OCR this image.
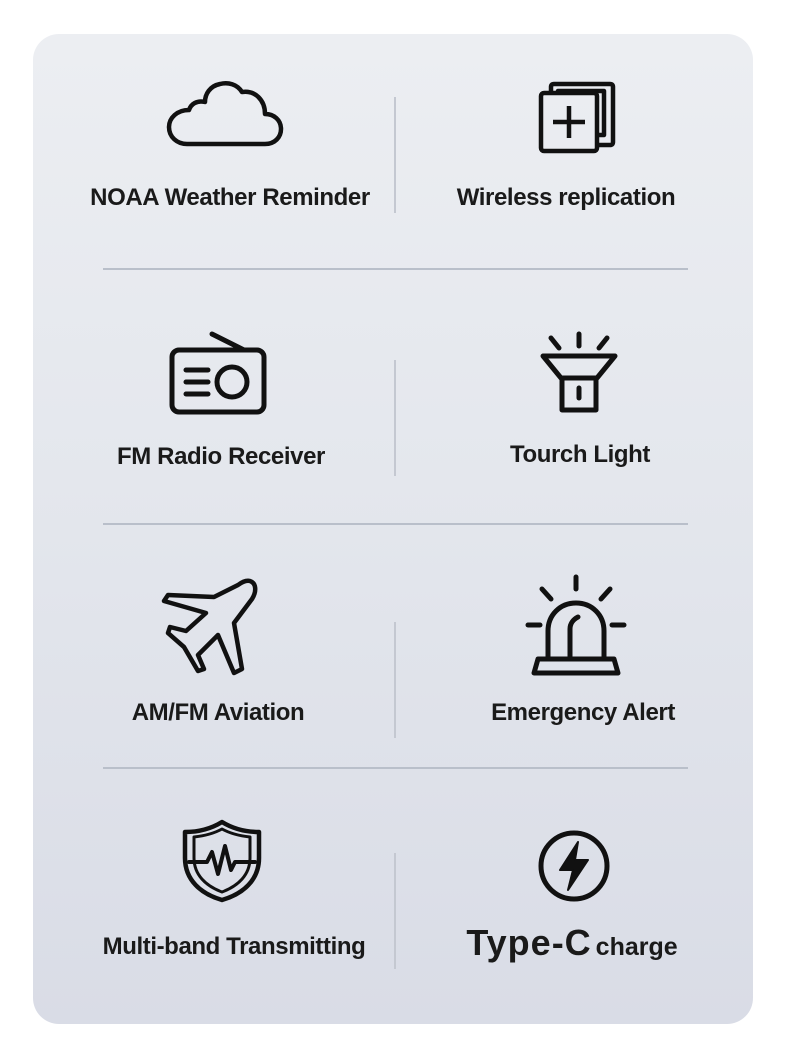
NOAA Weather Reminder	Wireless replication
FM Radio Receiver	Tourch Light
AM/FM Aviation	Emergency Alert
Multi-band Transmitting	Type-C charge
